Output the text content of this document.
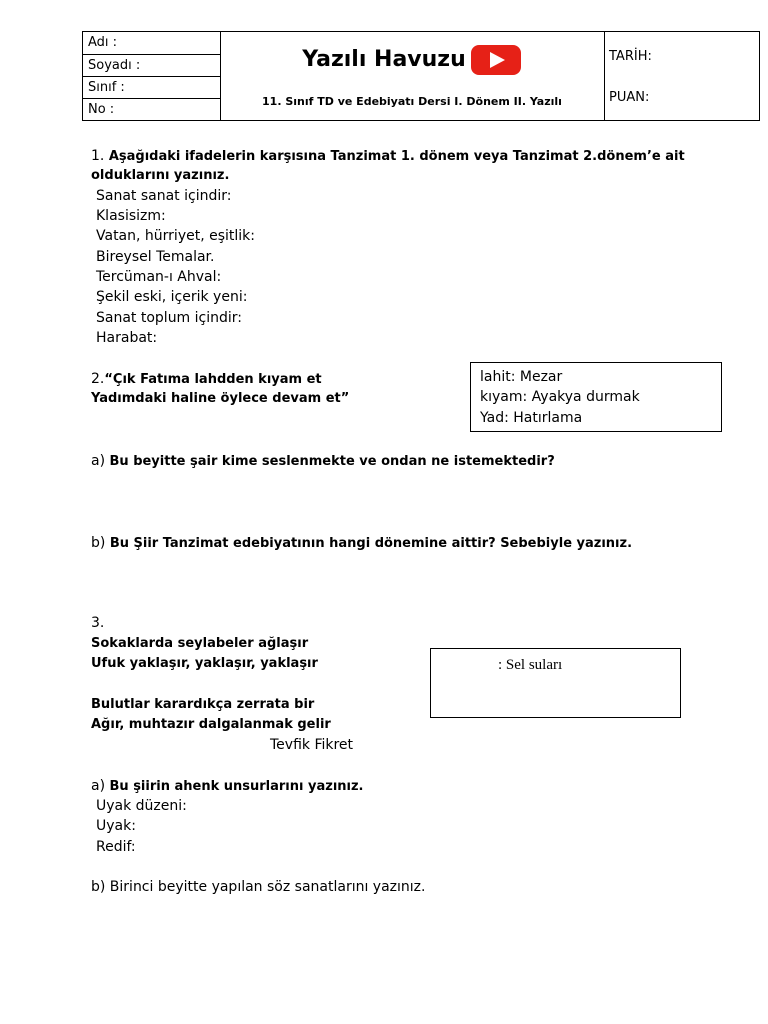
Adı :
Soyadı :
Sınıf :
No :
Yazılı Havuzu
11. Sınıf TD ve Edebiyatı Dersi I. Dönem II. Yazılı
TARİH:
PUAN:
1. Aşağıdaki ifadelerin karşısına Tanzimat 1. dönem veya Tanzimat 2.dönem’e ait
olduklarını yazınız.
Sanat sanat içindir:
Klasisizm:
Vatan, hürriyet, eşitlik:
Bireysel Temalar.
Tercüman-ı Ahval:
Şekil eski, içerik yeni:
Sanat toplum içindir:
Harabat:
2.“Çık Fatıma lahdden kıyam et
Yadımdaki haline öylece devam et”
lahit: Mezar
kıyam: Ayakya durmak
Yad: Hatırlama
a) Bu beyitte şair kime seslenmekte ve ondan ne istemektedir?
b) Bu Şiir Tanzimat edebiyatının hangi dönemine aittir? Sebebiyle yazınız.
3.
Sokaklarda seylabeler ağlaşır
Ufuk yaklaşır, yaklaşır, yaklaşır
Bulutlar karardıkça zerrata bir
Ağır, muhtazır dalgalanmak gelir
Tevfik Fikret
: Sel suları
a) Bu şiirin ahenk unsurlarını yazınız.
Uyak düzeni:
Uyak:
Redif:
b) Birinci beyitte yapılan söz sanatlarını yazınız.
